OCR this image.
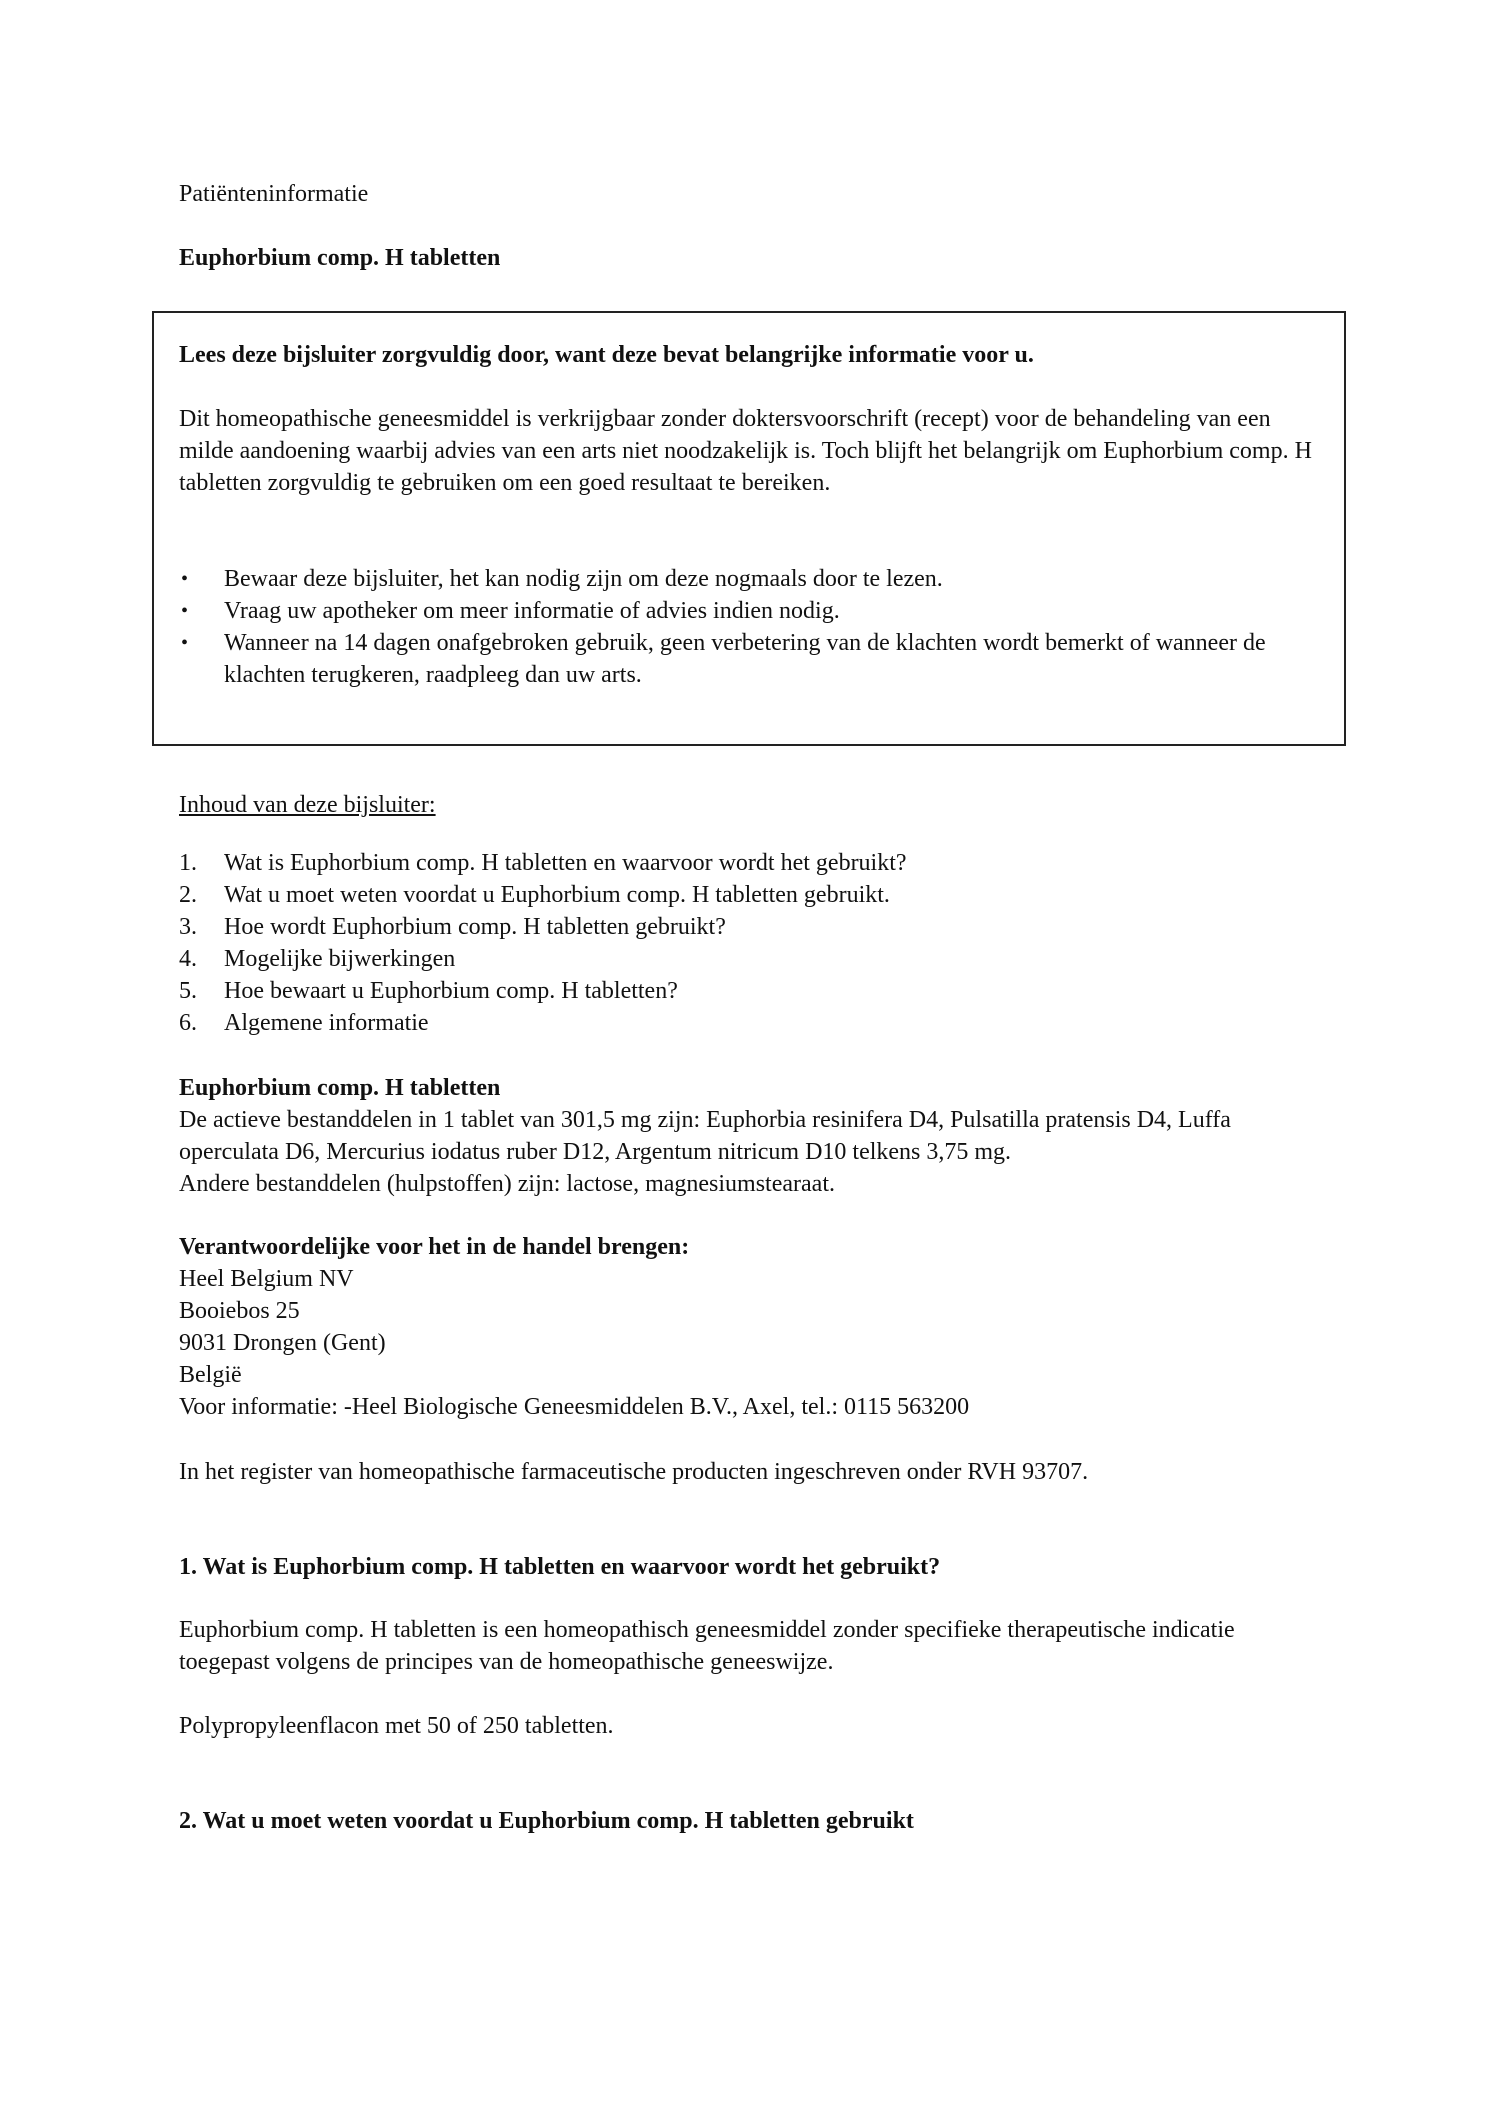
Patiënteninformatie

Euphorbium comp. H tabletten

Lees deze bijsluiter zorgvuldig door, want deze bevat belangrijke informatie voor u.

Dit homeopathische geneesmiddel is verkrijgbaar zonder doktersvoorschrift (recept) voor de behandeling van een milde aandoening waarbij advies van een arts niet noodzakelijk is. Toch blijft het belangrijk om Euphorbium comp. H tabletten zorgvuldig te gebruiken om een goed resultaat te bereiken.

• Bewaar deze bijsluiter, het kan nodig zijn om deze nogmaals door te lezen.
• Vraag uw apotheker om meer informatie of advies indien nodig.
• Wanneer na 14 dagen onafgebroken gebruik, geen verbetering van de klachten wordt bemerkt of wanneer de klachten terugkeren, raadpleeg dan uw arts.

Inhoud van deze bijsluiter:

1. Wat is Euphorbium comp. H tabletten en waarvoor wordt het gebruikt?
2. Wat u moet weten voordat u Euphorbium comp. H tabletten gebruikt.
3. Hoe wordt Euphorbium comp. H tabletten gebruikt?
4. Mogelijke bijwerkingen
5. Hoe bewaart u Euphorbium comp. H tabletten?
6. Algemene informatie

Euphorbium comp. H tabletten

De actieve bestanddelen in 1 tablet van 301,5 mg zijn: Euphorbia resinifera D4, Pulsatilla pratensis D4, Luffa operculata D6, Mercurius iodatus ruber D12, Argentum nitricum D10 telkens 3,75 mg.

Andere bestanddelen (hulpstoffen) zijn: lactose, magnesiumstearaat.

Verantwoordelijke voor het in de handel brengen:

Heel Belgium NV

Booiebos 25

9031 Drongen (Gent)

België

Voor informatie: -Heel Biologische Geneesmiddelen B.V., Axel, tel.: 0115 563200

In het register van homeopathische farmaceutische producten ingeschreven onder RVH 93707.

1. Wat is Euphorbium comp. H tabletten en waarvoor wordt het gebruikt?

Euphorbium comp. H tabletten is een homeopathisch geneesmiddel zonder specifieke therapeutische indicatie toegepast volgens de principes van de homeopathische geneeswijze.

Polypropyleenflacon met 50 of 250 tabletten.

2. Wat u moet weten voordat u Euphorbium comp. H tabletten gebruikt
